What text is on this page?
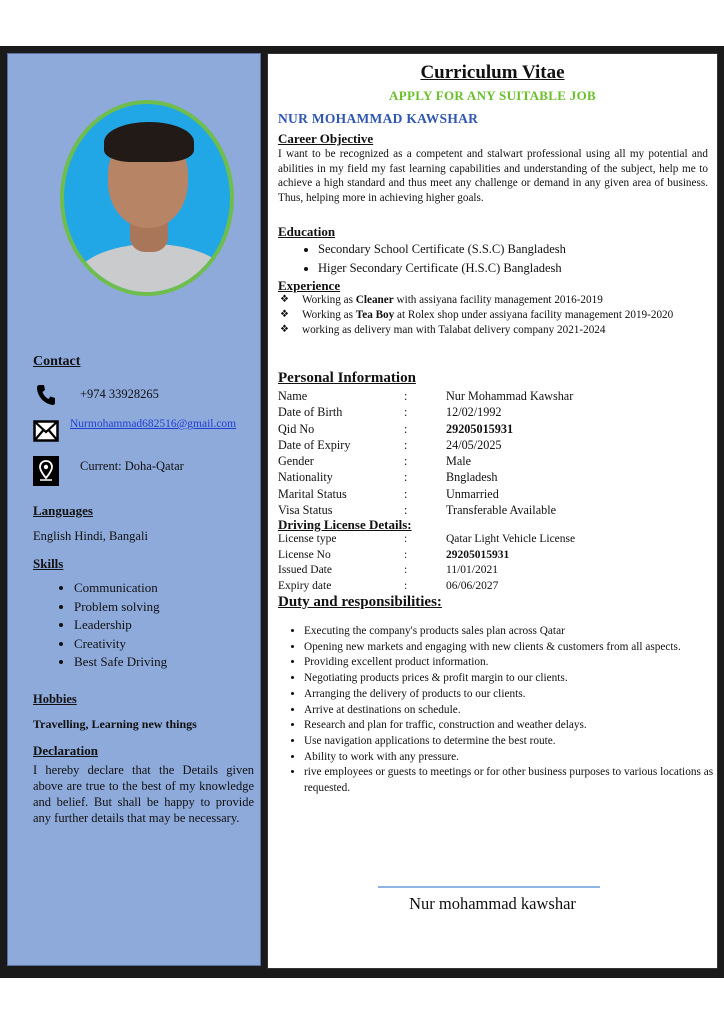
Contact
+974 33928265
Nurmohammad682516@gmail.com
Current: Doha-Qatar
Languages
English Hindi, Bangali
Skills
• Communication
• Problem solving
• Leadership
• Creativity
• Best Safe Driving
Hobbies
Travelling, Learning new things
Declaration
I hereby declare that the Details given above are true to the best of my knowledge and belief. But shall be happy to provide any further details that may be necessary.
Curriculum Vitae
APPLY FOR ANY SUITABLE JOB
NUR MOHAMMAD KAWSHAR
Career Objective
I want to be recognized as a competent and stalwart professional using all my potential and abilities in my field my fast learning capabilities and understanding of the subject, help me to achieve a high standard and thus meet any challenge or demand in any given area of business. Thus, helping more in achieving higher goals.
Education
• Secondary School Certificate (S.S.C) Bangladesh
• Higer Secondary Certificate (H.S.C) Bangladesh
Experience
❖ Working as Cleaner with assiyana facility management 2016-2019
❖ Working as Tea Boy at Rolex shop under assiyana facility management 2019-2020
❖ working as delivery man with Talabat delivery company 2021-2024
Personal Information
Name	:	Nur Mohammad Kawshar
Date of Birth	:	12/02/1992
Qid No	:	29205015931
Date of Expiry	:	24/05/2025
Gender	:	Male
Nationality	:	Bngladesh
Marital Status	:	Unmarried
Visa Status	:	Transferable Available
Driving License Details:
License type	:	Qatar Light Vehicle License
License No	:	29205015931
Issued Date	:	11/01/2021
Expiry date	:	06/06/2027
Duty and responsibilities:
• Executing the company's products sales plan across Qatar
• Opening new markets and engaging with new clients & customers from all aspects.
• Providing excellent product information.
• Negotiating products prices & profit margin to our clients.
• Arranging the delivery of products to our clients.
• Arrive at destinations on schedule.
• Research and plan for traffic, construction and weather delays.
• Use navigation applications to determine the best route.
• Ability to work with any pressure.
• rive employees or guests to meetings or for other business purposes to various locations as requested.
Nur mohammad kawshar
